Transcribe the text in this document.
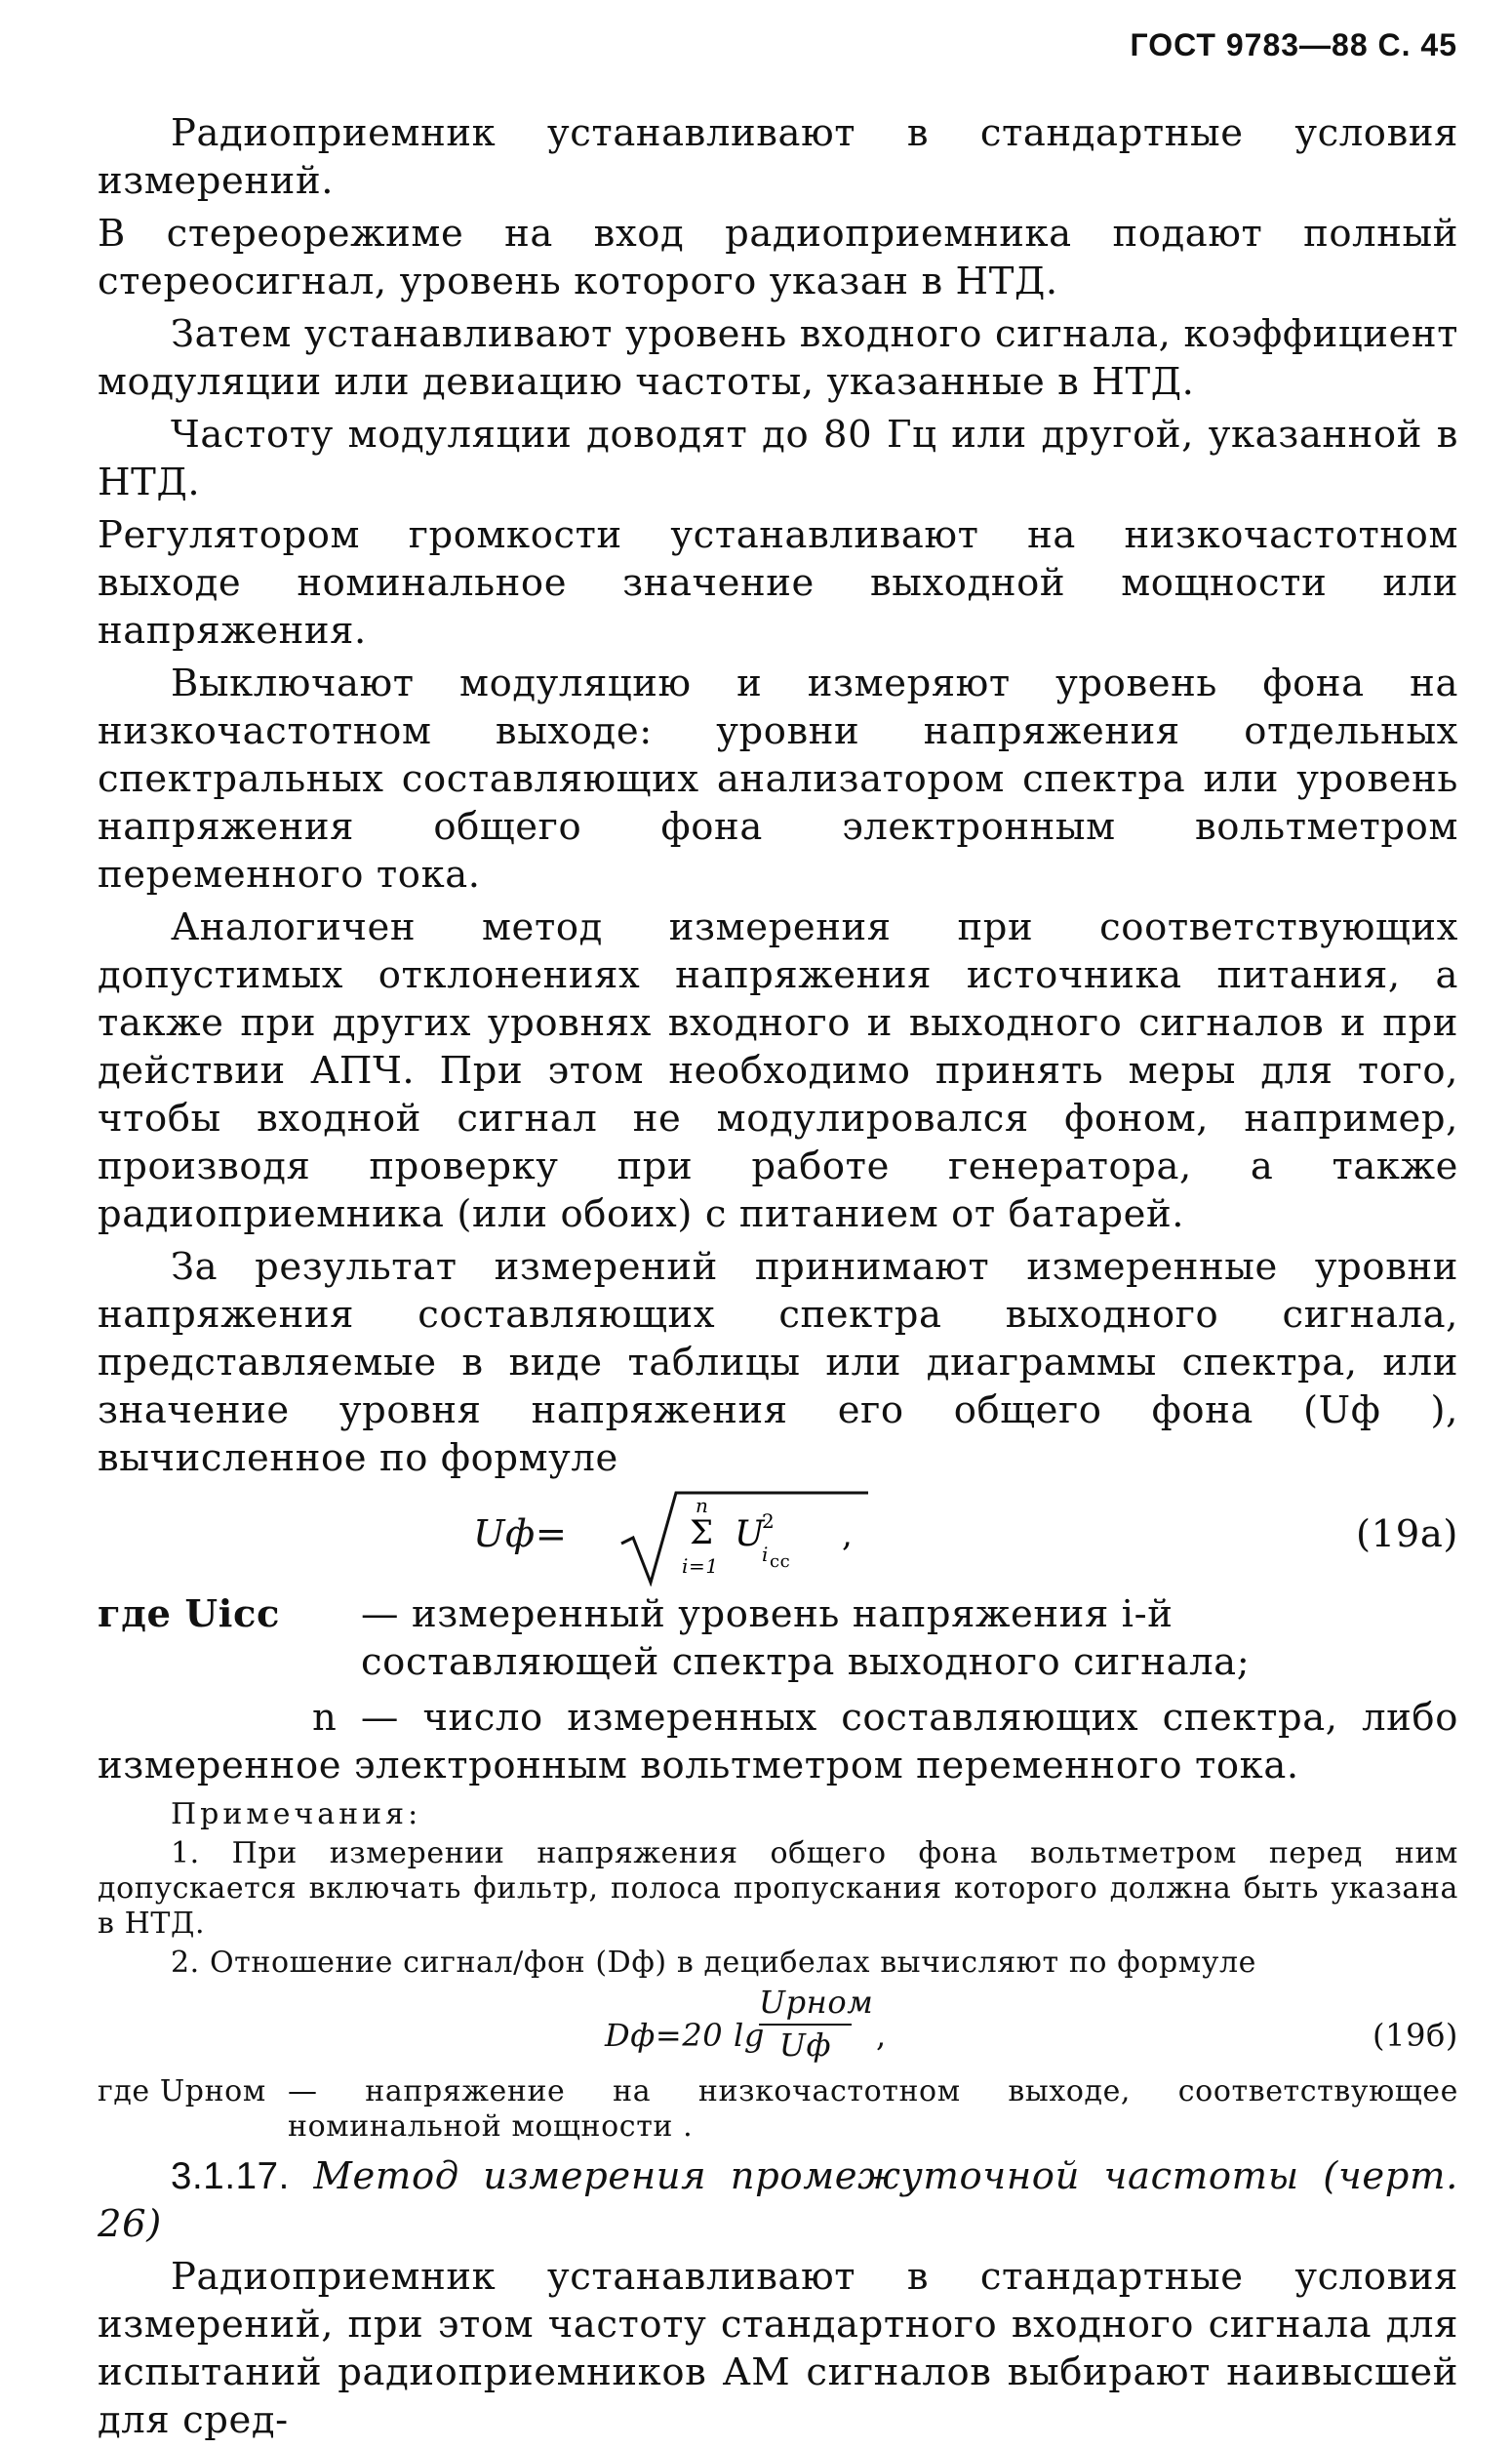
ГОСТ 9783—88 С. 45

Радиоприемник устанавливают в стандартные условия измерений.

В стереорежиме на вход радиоприемника подают полный стереосигнал, уровень которого указан в НТД.

Затем устанавливают уровень входного сигнала, коэффициент модуляции или девиацию частоты, указанные в НТД.

Частоту модуляции доводят до 80 Гц или другой, указанной в НТД.

Регулятором громкости устанавливают на низкочастотном выходе номинальное значение выходной мощности или напряжения.

Выключают модуляцию и измеряют уровень фона на низкочастотном выходе: уровни напряжения отдельных спектральных составляющих анализатором спектра или уровень напряжения общего фона электронным вольтметром переменного тока.

Аналогичен метод измерения при соответствующих допустимых отклонениях напряжения источника питания, а также при других уровнях входного и выходного сигналов и при действии АПЧ. При этом необходимо принять меры для того, чтобы входной сигнал не модулировался фоном, например, производя проверку при работе генератора, а также радиоприемника (или обоих) с питанием от батарей.

За результат измерений принимают измеренные уровни напряжения составляющих спектра выходного сигнала, представляемые в виде таблицы или диаграммы спектра, или значение уровня напряжения его общего фона (Uф ), вычисленное по формуле

Uф=
n
Σ
i=1
U
2
i cc
,	(19а)
где Uiсс — измеренный уровень напряжения i-й составляющей спектра выходного сигнала;

n — число измеренных составляющих спектра, либо измеренное электронным вольтметром переменного тока.

Примечания:

1. При измерении напряжения общего фона вольтметром перед ним допускается включать фильтр, полоса пропускания которого должна быть указана в НТД.

2. Отношение сигнал/фон (Dф) в децибелах вычисляют по формуле

Dф=20 lg
Upном
Uф	,	(19б)
где Upном — напряжение на низкочастотном выходе, соответствующее номинальной мощности .

3.1.17. Метод измерения промежуточной частоты (черт. 26)

Радиоприемник устанавливают в стандартные условия измерений, при этом частоту стандартного входного сигнала для испытаний радиоприемников АМ сигналов выбирают наивысшей для сред-
